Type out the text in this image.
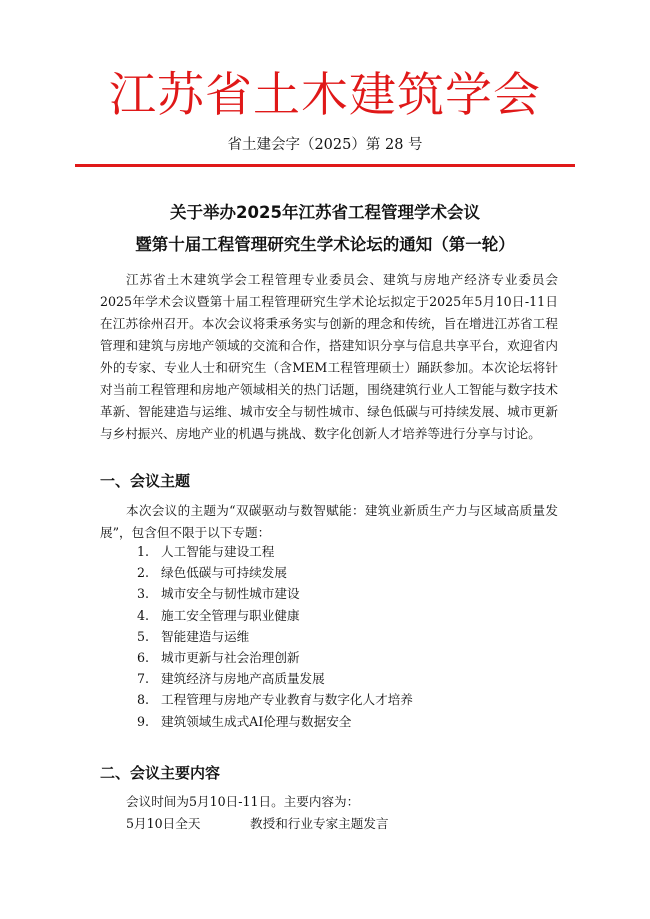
江苏省土木建筑学会
省土建会字（2025）第 28 号
关于举办2025年江苏省工程管理学术会议
暨第十届工程管理研究生学术论坛的通知（第一轮）
江苏省土木建筑学会工程管理专业委员会、建筑与房地产经济专业委员会2025年学术会议暨第十届工程管理研究生学术论坛拟定于2025年5月10日-11日在江苏徐州召开。本次会议将秉承务实与创新的理念和传统，旨在增进江苏省工程管理和建筑与房地产领域的交流和合作，搭建知识分享与信息共享平台，欢迎省内外的专家、专业人士和研究生（含MEM工程管理硕士）踊跃参加。本次论坛将针对当前工程管理和房地产领域相关的热门话题，围绕建筑行业人工智能与数字技术革新、智能建造与运维、城市安全与韧性城市、绿色低碳与可持续发展、城市更新与乡村振兴、房地产业的机遇与挑战、数字化创新人才培养等进行分享与讨论。
一、会议主题
本次会议的主题为“双碳驱动与数智赋能：建筑业新质生产力与区域高质量发展”，包含但不限于以下专题：
1. 人工智能与建设工程
2. 绿色低碳与可持续发展
3. 城市安全与韧性城市建设
4. 施工安全管理与职业健康
5. 智能建造与运维
6. 城市更新与社会治理创新
7. 建筑经济与房地产高质量发展
8. 工程管理与房地产专业教育与数字化人才培养
9. 建筑领域生成式AI伦理与数据安全
二、会议主要内容
会议时间为5月10日-11日。主要内容为：
5月10日全天	教授和行业专家主题发言
